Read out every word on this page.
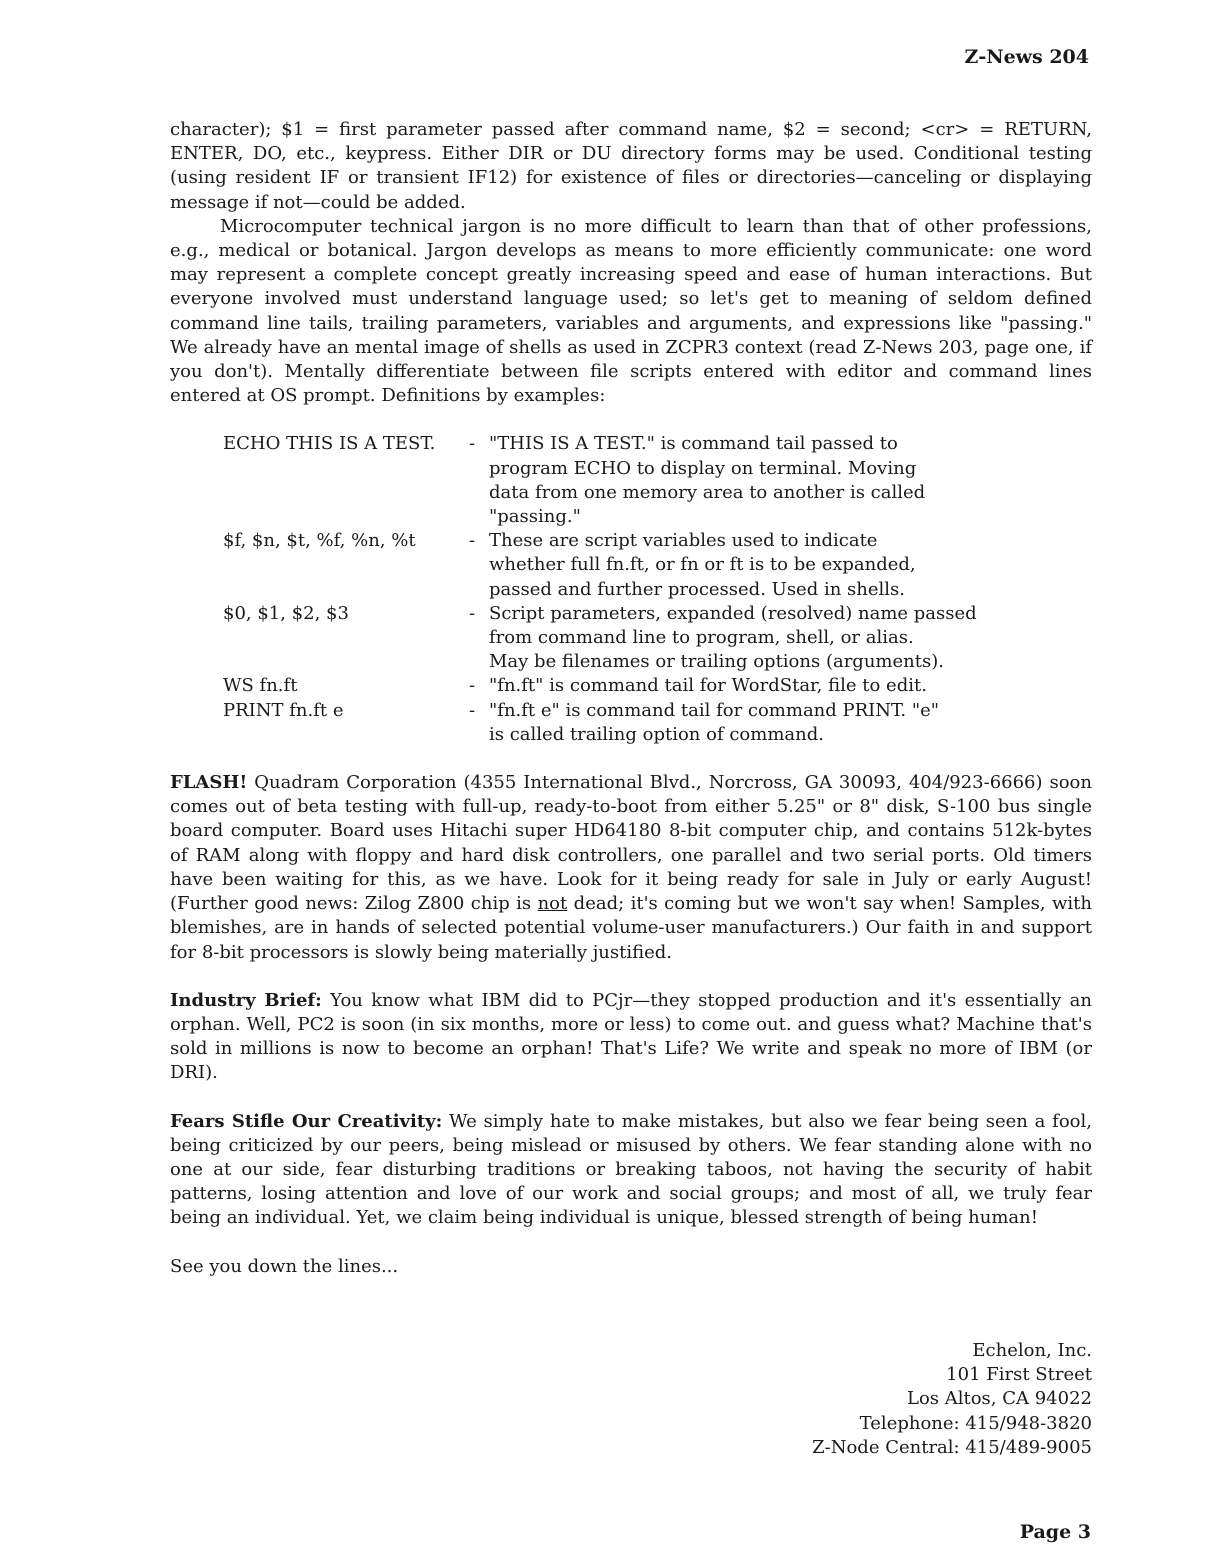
Z-News 204

character); $1 = first parameter passed after command name, $2 = second; <cr> = RETURN, ENTER, DO, etc., keypress. Either DIR or DU directory forms may be used. Conditional testing (using resident IF or transient IF12) for existence of files or directories—canceling or displaying message if not—could be added.

Microcomputer technical jargon is no more difficult to learn than that of other professions, e.g., medical or botanical. Jargon develops as means to more efficiently communicate: one word may represent a complete concept greatly increasing speed and ease of human interactions. But everyone involved must understand language used; so let's get to meaning of seldom defined command line tails, trailing parameters, variables and arguments, and expressions like "passing." We already have an mental image of shells as used in ZCPR3 context (read Z-News 203, page one, if you don't). Mentally differentiate between file scripts entered with editor and command lines entered at OS prompt. Definitions by examples:

ECHO THIS IS A TEST.	- "THIS IS A TEST." is command tail passed to
program ECHO to display on terminal. Moving
data from one memory area to another is called
"passing."
$f, $n, $t, %f, %n, %t	- These are script variables used to indicate
whether full fn.ft, or fn or ft is to be expanded,
passed and further processed. Used in shells.
$0, $1, $2, $3	- Script parameters, expanded (resolved) name passed
from command line to program, shell, or alias.
May be filenames or trailing options (arguments).
WS fn.ft	- "fn.ft" is command tail for WordStar, file to edit.
PRINT fn.ft e	- "fn.ft e" is command tail for command PRINT. "e"
is called trailing option of command.

FLASH! Quadram Corporation (4355 International Blvd., Norcross, GA 30093, 404/923-6666) soon comes out of beta testing with full-up, ready-to-boot from either 5.25" or 8" disk, S-100 bus single board computer. Board uses Hitachi super HD64180 8-bit computer chip, and contains 512k-bytes of RAM along with floppy and hard disk controllers, one parallel and two serial ports. Old timers have been waiting for this, as we have. Look for it being ready for sale in July or early August! (Further good news: Zilog Z800 chip is not dead; it's coming but we won't say when! Samples, with blemishes, are in hands of selected potential volume-user manufacturers.) Our faith in and support for 8-bit processors is slowly being materially justified.

Industry Brief: You know what IBM did to PCjr—they stopped production and it's essentially an orphan. Well, PC2 is soon (in six months, more or less) to come out. and guess what? Machine that's sold in millions is now to become an orphan! That's Life? We write and speak no more of IBM (or DRI).

Fears Stifle Our Creativity: We simply hate to make mistakes, but also we fear being seen a fool, being criticized by our peers, being mislead or misused by others. We fear standing alone with no one at our side, fear disturbing traditions or breaking taboos, not having the security of habit patterns, losing attention and love of our work and social groups; and most of all, we truly fear being an individual. Yet, we claim being individual is unique, blessed strength of being human!

See you down the lines...

Echelon, Inc.
101 First Street
Los Altos, CA 94022
Telephone: 415/948-3820
Z-Node Central: 415/489-9005
Page 3
